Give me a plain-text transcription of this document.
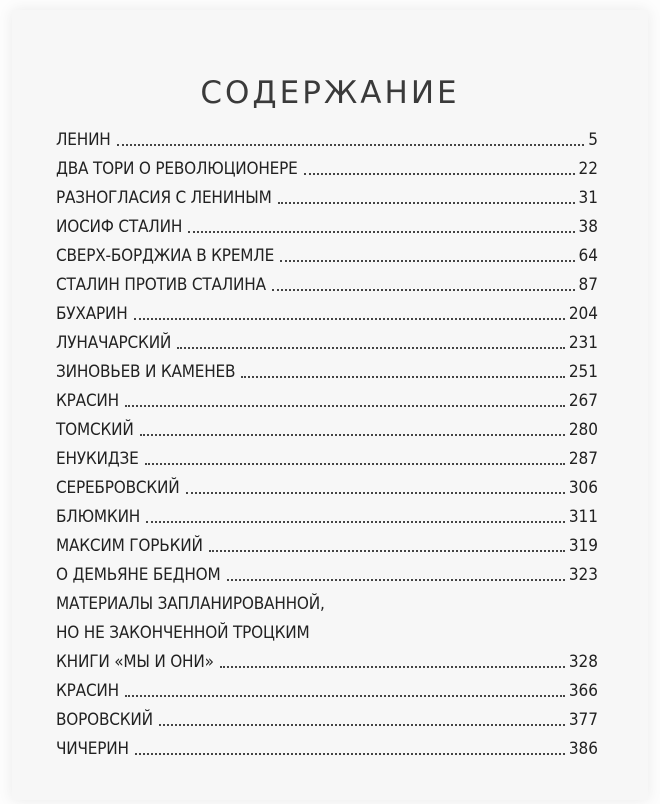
СОДЕРЖАНИЕ
ЛЕНИН	5
ДВА ТОРИ О РЕВОЛЮЦИОНЕРЕ	22
РАЗНОГЛАСИЯ С ЛЕНИНЫМ	31
ИОСИФ СТАЛИН	38
СВЕРХ-БОРДЖИА В КРЕМЛЕ	64
СТАЛИН ПРОТИВ СТАЛИНА	87
БУХАРИН	204
ЛУНАЧАРСКИЙ	231
ЗИНОВЬЕВ И КАМЕНЕВ	251
КРАСИН	267
ТОМСКИЙ	280
ЕНУКИДЗЕ	287
СЕРЕБРОВСКИЙ	306
БЛЮМКИН	311
МАКСИМ ГОРЬКИЙ	319
О ДЕМЬЯНЕ БЕДНОМ	323
МАТЕРИАЛЫ ЗАПЛАНИРОВАННОЙ,
НО НЕ ЗАКОНЧЕННОЙ ТРОЦКИМ
КНИГИ «МЫ И ОНИ»	328
КРАСИН	366
ВОРОВСКИЙ	377
ЧИЧЕРИН	386
